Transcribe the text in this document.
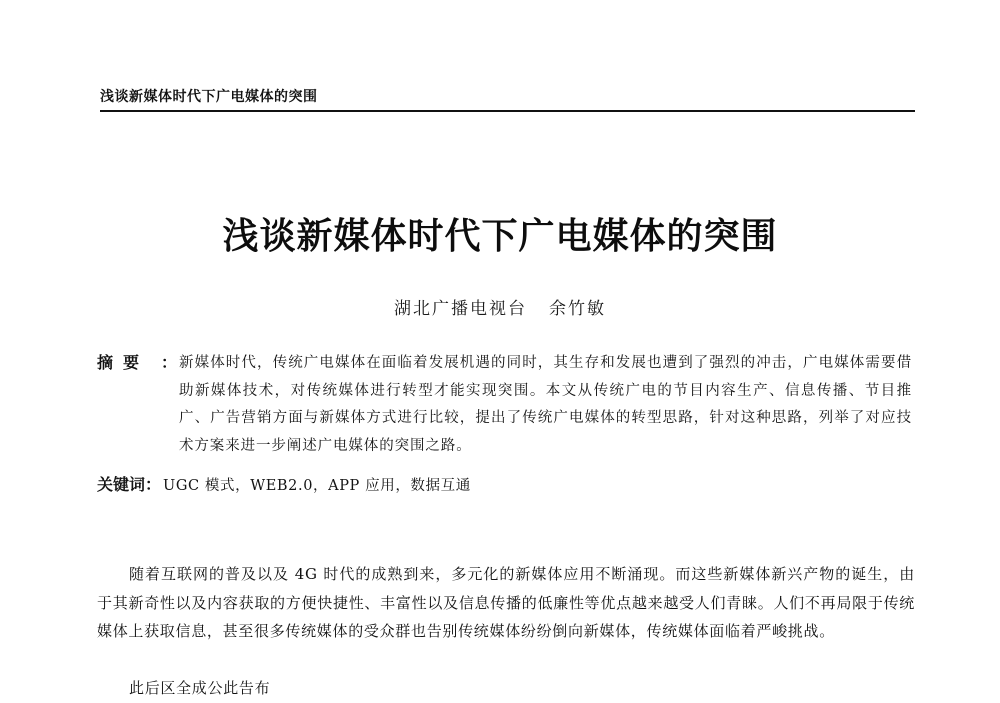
浅谈新媒体时代下广电媒体的突围
浅谈新媒体时代下广电媒体的突围
湖北广播电视台 余竹敏
摘要 ： 新媒体时代，传统广电媒体在面临着发展机遇的同时，其生存和发展也遭到了强烈的冲击，广电媒体需要借助新媒体技术，对传统媒体进行转型才能实现突围。本文从传统广电的节目内容生产、信息传播、节目推广、广告营销方面与新媒体方式进行比较，提出了传统广电媒体的转型思路，针对这种思路，列举了对应技术方案来进一步阐述广电媒体的突围之路。
关键词： UGC 模式，WEB2.0，APP 应用，数据互通
随着互联网的普及以及 4G 时代的成熟到来，多元化的新媒体应用不断涌现。而这些新媒体新兴产物的诞生，由于其新奇性以及内容获取的方便快捷性、丰富性以及信息传播的低廉性等优点越来越受人们青睐。人们不再局限于传统媒体上获取信息，甚至很多传统媒体的受众群也告别传统媒体纷纷倒向新媒体，传统媒体面临着严峻挑战。
此后区全成公此告布
